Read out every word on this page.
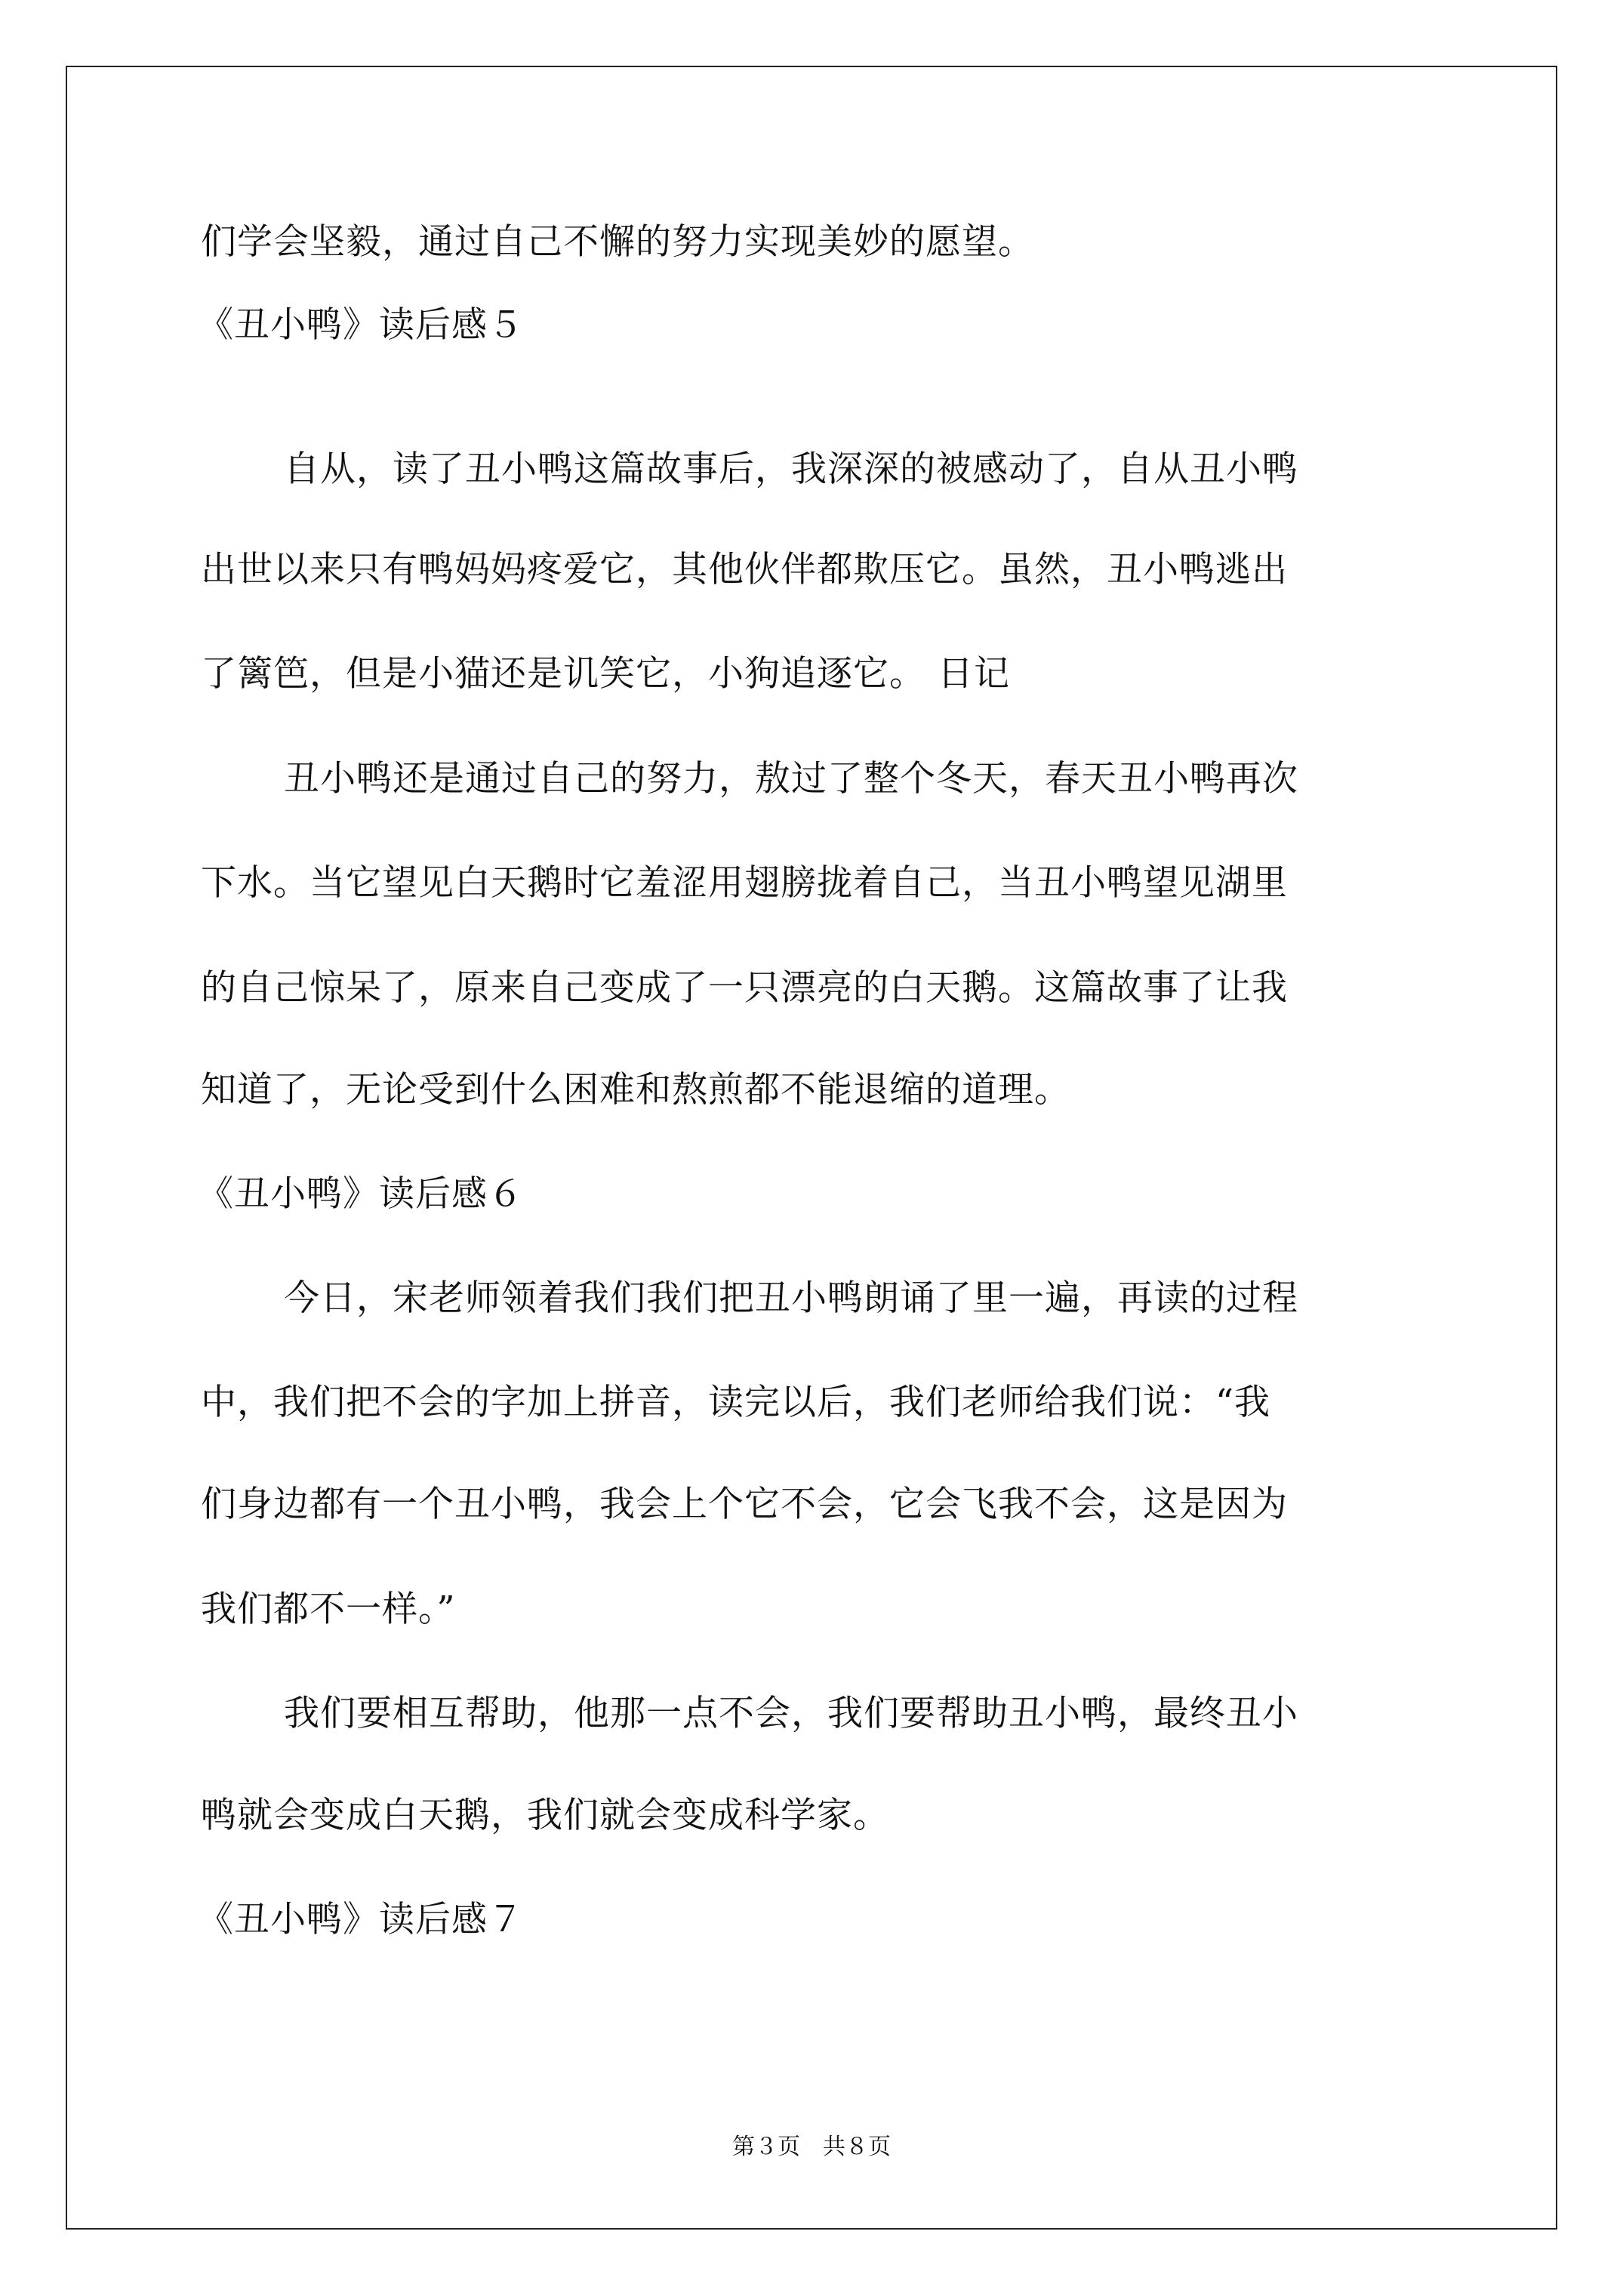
们学会坚毅，通过自己不懈的努力实现美妙的愿望。
《丑小鸭》读后感５
自从，读了丑小鸭这篇故事后，我深深的被感动了，自从丑小鸭
出世以来只有鸭妈妈疼爱它，其他伙伴都欺压它。虽然，丑小鸭逃出
了篱笆，但是小猫还是讥笑它，小狗追逐它。 日记
丑小鸭还是通过自己的努力，敖过了整个冬天，春天丑小鸭再次
下水。当它望见白天鹅时它羞涩用翅膀拢着自己，当丑小鸭望见湖里
的自己惊呆了，原来自己变成了一只漂亮的白天鹅。这篇故事了让我
知道了，无论受到什么困难和熬煎都不能退缩的道理。
《丑小鸭》读后感６
今日，宋老师领着我们我们把丑小鸭朗诵了里一遍，再读的过程
中，我们把不会的字加上拼音，读完以后，我们老师给我们说：“我
们身边都有一个丑小鸭，我会上个它不会，它会飞我不会，这是因为
我们都不一样。”
我们要相互帮助，他那一点不会，我们要帮助丑小鸭，最终丑小
鸭就会变成白天鹅，我们就会变成科学家。
《丑小鸭》读后感７
第３页　共８页
